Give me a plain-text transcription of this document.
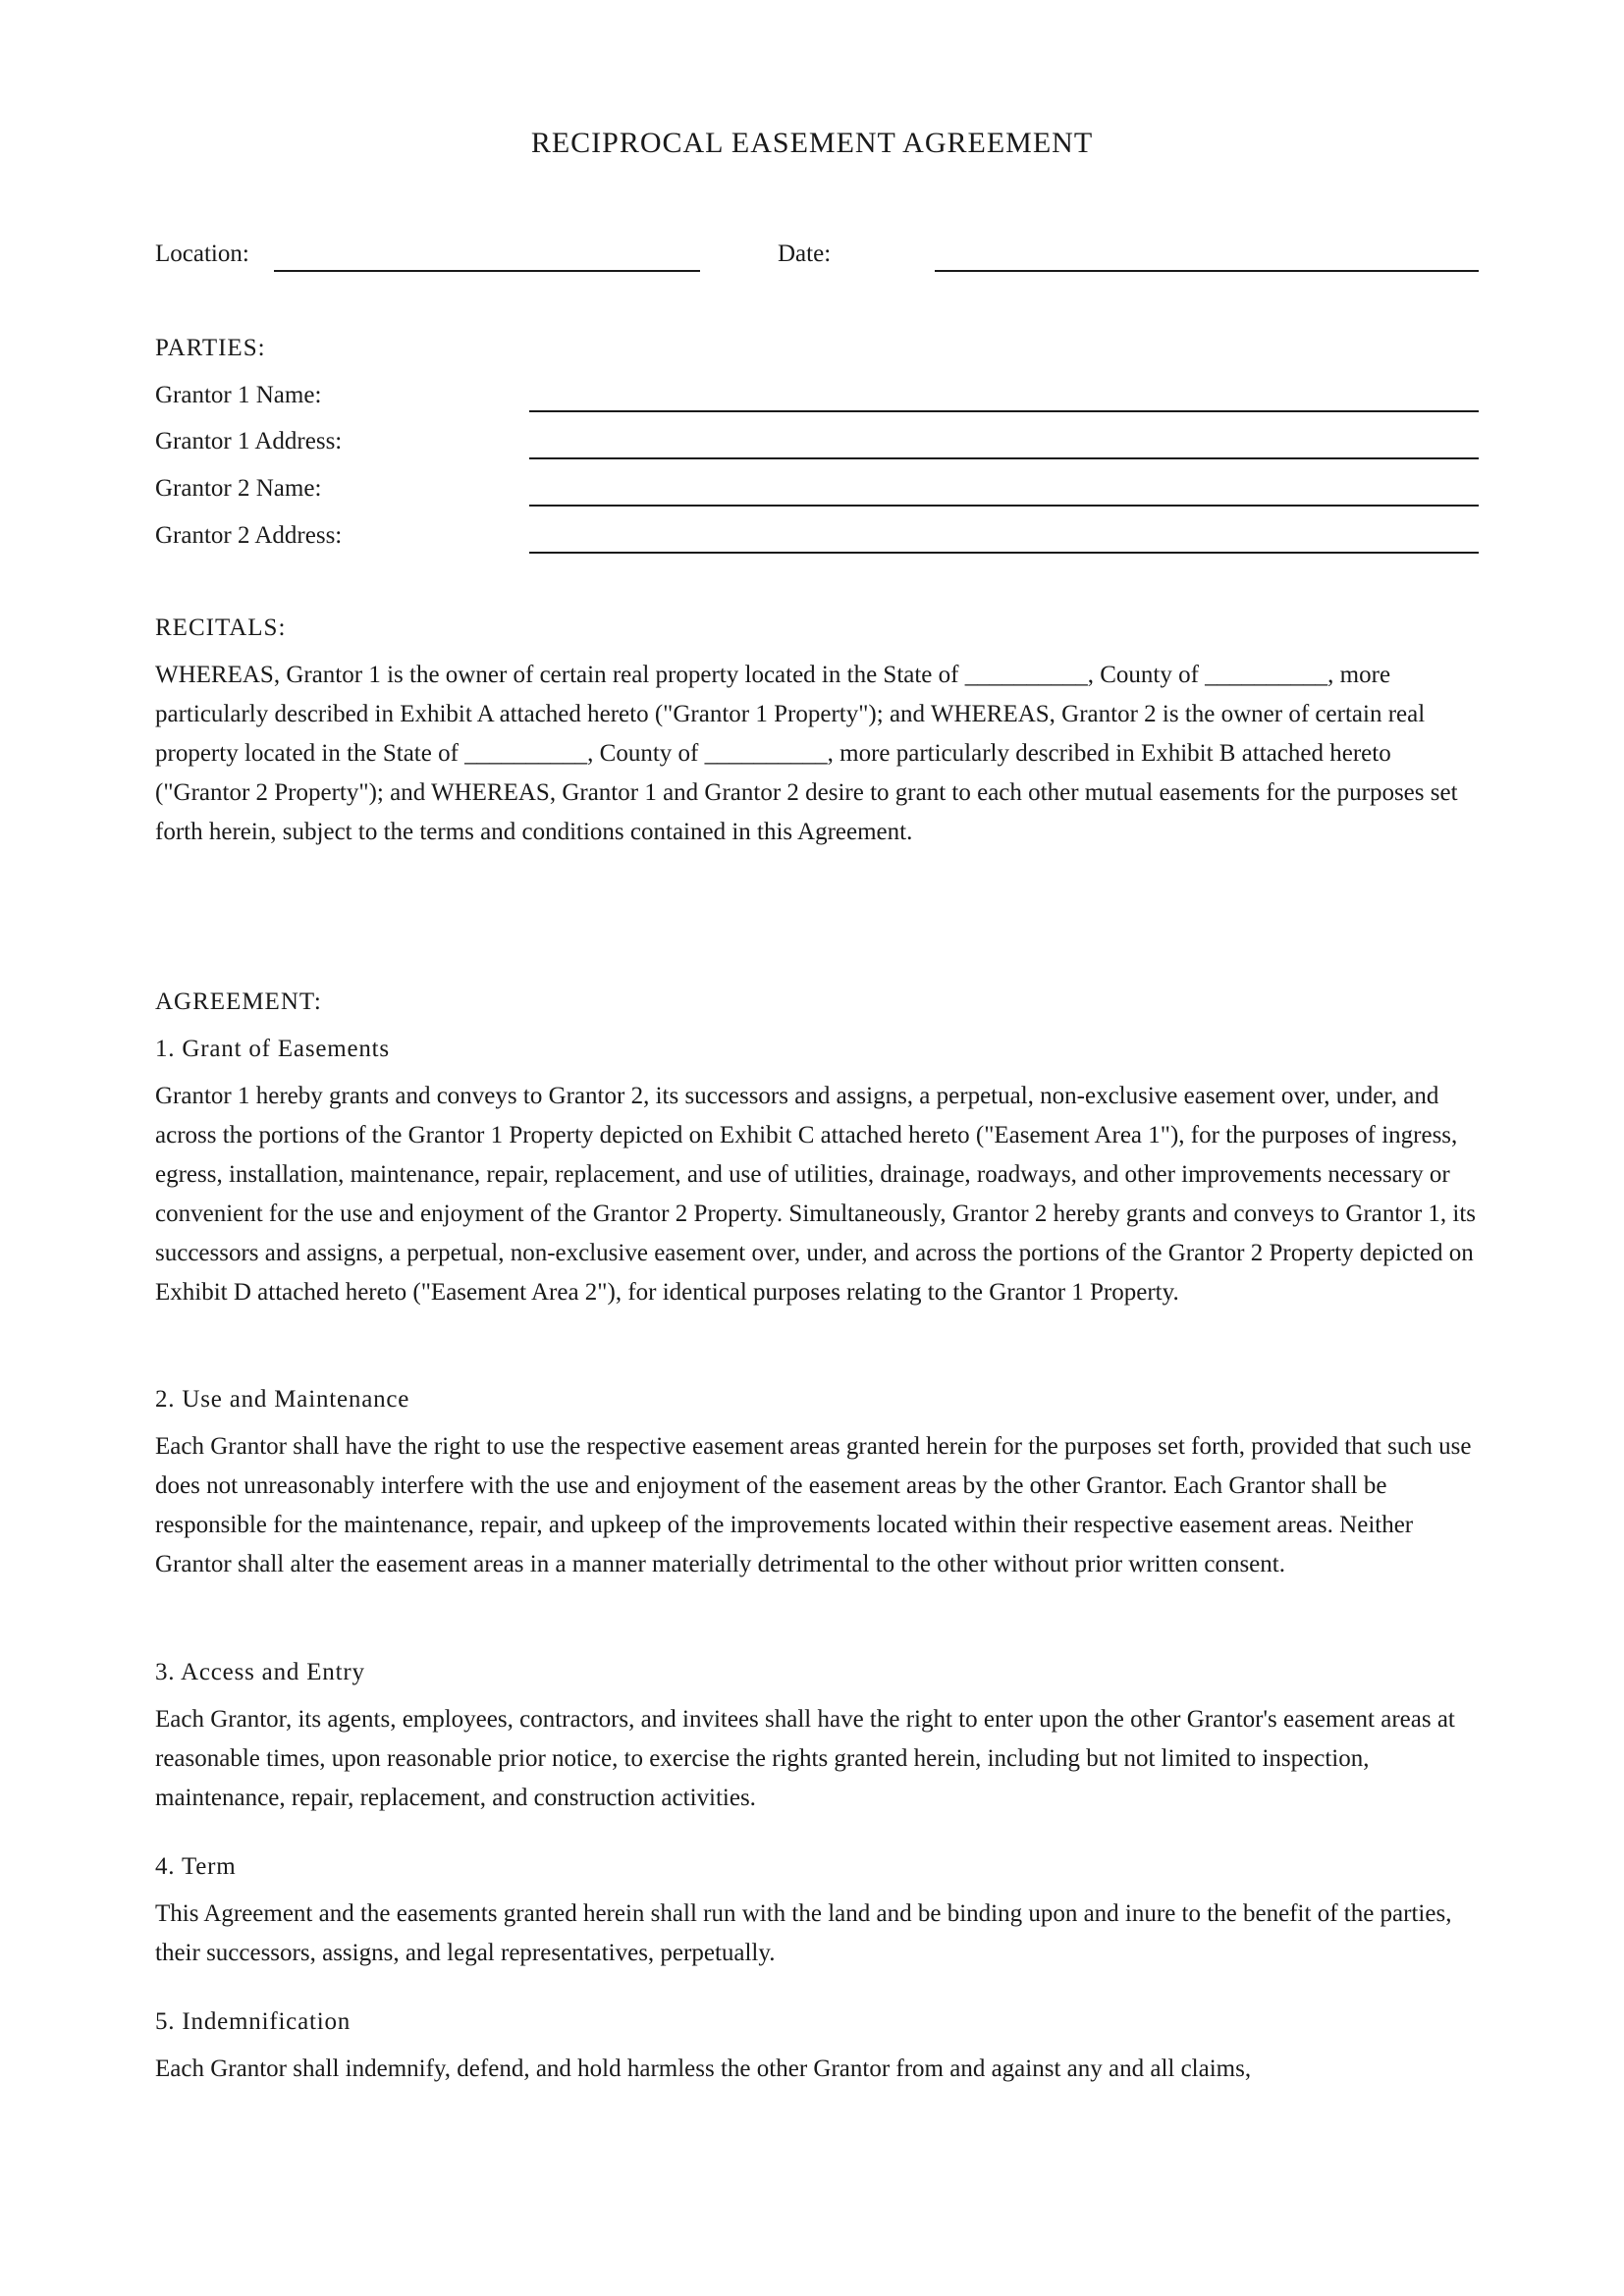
RECIPROCAL EASEMENT AGREEMENT
Location:	Date:
PARTIES:
Grantor 1 Name:
Grantor 1 Address:
Grantor 2 Name:
Grantor 2 Address:
RECITALS:
WHEREAS, Grantor 1 is the owner of certain real property located in the State of __________, County of __________, more particularly described in Exhibit A attached hereto ("Grantor 1 Property"); and WHEREAS, Grantor 2 is the owner of certain real property located in the State of __________, County of __________, more particularly described in Exhibit B attached hereto ("Grantor 2 Property"); and WHEREAS, Grantor 1 and Grantor 2 desire to grant to each other mutual easements for the purposes set forth herein, subject to the terms and conditions contained in this Agreement.
AGREEMENT:
1. Grant of Easements
Grantor 1 hereby grants and conveys to Grantor 2, its successors and assigns, a perpetual, non-exclusive easement over, under, and across the portions of the Grantor 1 Property depicted on Exhibit C attached hereto ("Easement Area 1"), for the purposes of ingress, egress, installation, maintenance, repair, replacement, and use of utilities, drainage, roadways, and other improvements necessary or convenient for the use and enjoyment of the Grantor 2 Property. Simultaneously, Grantor 2 hereby grants and conveys to Grantor 1, its successors and assigns, a perpetual, non-exclusive easement over, under, and across the portions of the Grantor 2 Property depicted on Exhibit D attached hereto ("Easement Area 2"), for identical purposes relating to the Grantor 1 Property.
2. Use and Maintenance
Each Grantor shall have the right to use the respective easement areas granted herein for the purposes set forth, provided that such use does not unreasonably interfere with the use and enjoyment of the easement areas by the other Grantor. Each Grantor shall be responsible for the maintenance, repair, and upkeep of the improvements located within their respective easement areas. Neither Grantor shall alter the easement areas in a manner materially detrimental to the other without prior written consent.
3. Access and Entry
Each Grantor, its agents, employees, contractors, and invitees shall have the right to enter upon the other Grantor's easement areas at reasonable times, upon reasonable prior notice, to exercise the rights granted herein, including but not limited to inspection, maintenance, repair, replacement, and construction activities.
4. Term
This Agreement and the easements granted herein shall run with the land and be binding upon and inure to the benefit of the parties, their successors, assigns, and legal representatives, perpetually.
5. Indemnification
Each Grantor shall indemnify, defend, and hold harmless the other Grantor from and against any and all claims,
